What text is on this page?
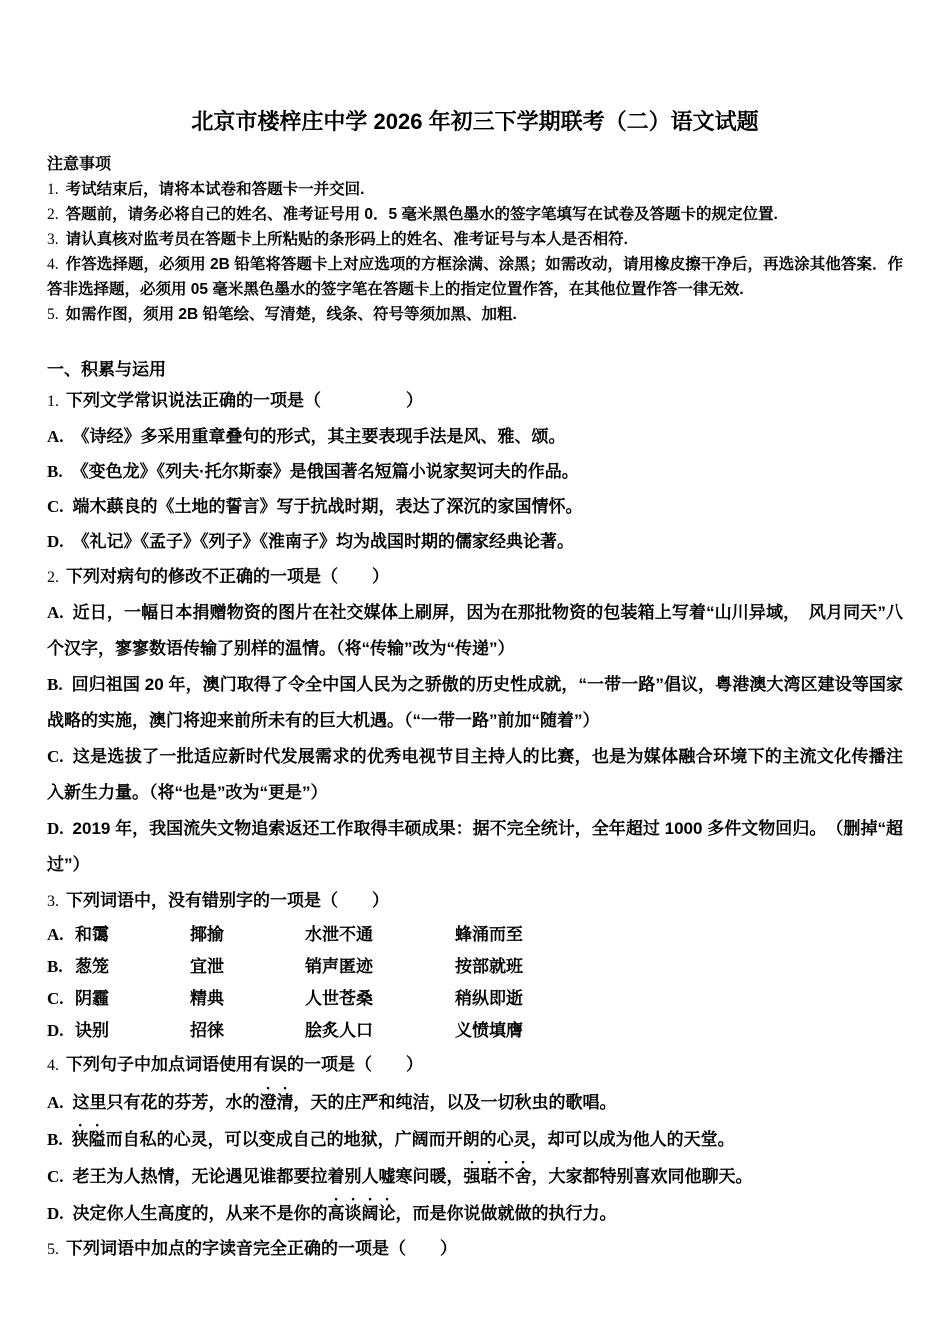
北京市楼梓庄中学 2026 年初三下学期联考（二）语文试题
注意事项
1. 考试结束后，请将本试卷和答题卡一并交回.
2. 答题前，请务必将自己的姓名、准考证号用 0．5 毫米黑色墨水的签字笔填写在试卷及答题卡的规定位置.
3. 请认真核对监考员在答题卡上所粘贴的条形码上的姓名、准考证号与本人是否相符.
4. 作答选择题，必须用 2B 铅笔将答题卡上对应选项的方框涂满、涂黑；如需改动，请用橡皮擦干净后，再选涂其他答案．作答非选择题，必须用 05 毫米黑色墨水的签字笔在答题卡上的指定位置作答，在其他位置作答一律无效.
5. 如需作图，须用 2B 铅笔绘、写清楚，线条、符号等须加黑、加粗.
一、积累与运用
1. 下列文学常识说法正确的一项是（　　　　　）
A. 《诗经》多采用重章叠句的形式，其主要表现手法是风、雅、颂。
B. 《变色龙》《列夫·托尔斯泰》是俄国著名短篇小说家契诃夫的作品。
C. 端木蕻良的《土地的誓言》写于抗战时期，表达了深沉的家国情怀。
D. 《礼记》《孟子》《列子》《淮南子》均为战国时期的儒家经典论著。
2. 下列对病句的修改不正确的一项是（　　）
A. 近日，一幅日本捐赠物资的图片在社交媒体上刷屏，因为在那批物资的包装箱上写着“山川异域，　风月同天”八个汉字，寥寥数语传输了别样的温情。（将“传输”改为“传递”）
B. 回归祖国 20 年，澳门取得了令全中国人民为之骄傲的历史性成就，“一带一路”倡议，粤港澳大湾区建设等国家战略的实施，澳门将迎来前所未有的巨大机遇。（“一带一路”前加“随着”）
C. 这是选拔了一批适应新时代发展需求的优秀电视节目主持人的比赛，也是为媒体融合环境下的主流文化传播注入新生力量。（将“也是”改为“更是”）
D. 2019 年，我国流失文物追索返还工作取得丰硕成果：据不完全统计，全年超过 1000 多件文物回归。　（删掉“超过”）
3. 下列词语中，没有错别字的一项是（　　）
A. 和霭	揶揄	水泄不通	蜂涌而至
B. 葱笼	宜泄	销声匿迹	按部就班
C. 阴霾	精典	人世苍桑	稍纵即逝
D. 诀别	招徕	脍炙人口	义愤填膺
4. 下列句子中加点词语使用有误的一项是（　　）
A. 这里只有花的芬芳，水的澄清，天的庄严和纯洁，以及一切秋虫的歌唱。
B. 狭隘而自私的心灵，可以变成自己的地狱，广阔而开朗的心灵，却可以成为他人的天堂。
C. 老王为人热情，无论遇见谁都要拉着别人嘘寒问暖，强聒不舍，大家都特别喜欢同他聊天。
D. 决定你人生高度的，从来不是你的高谈阔论，而是你说做就做的执行力。
5. 下列词语中加点的字读音完全正确的一项是（　　）
